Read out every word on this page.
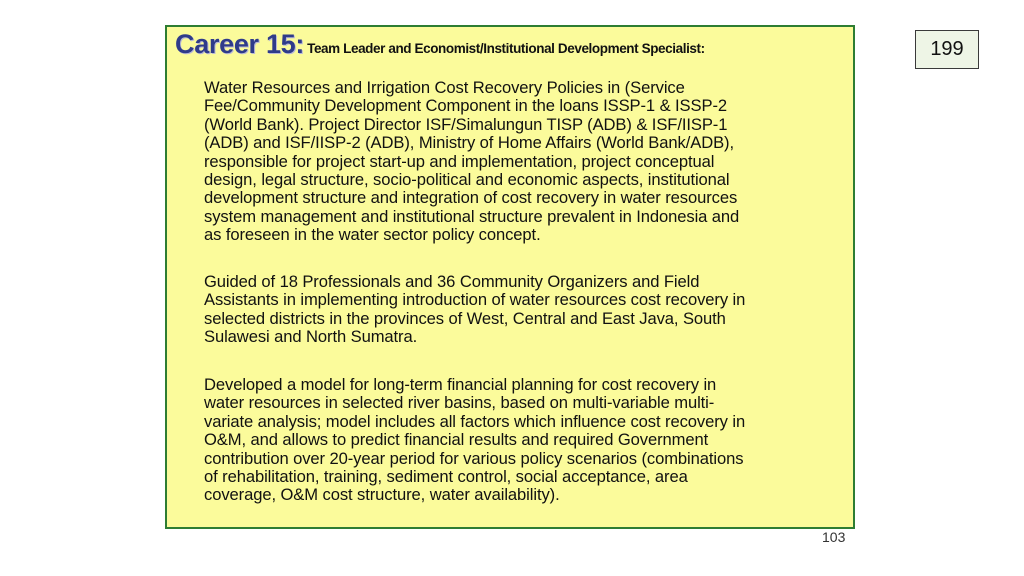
Career 15: Team Leader and Economist/Institutional Development Specialist:

Water Resources and Irrigation Cost Recovery Policies in (Service
Fee/Community Development Component in the loans ISSP-1 & ISSP-2
(World Bank). Project Director ISF/Simalungun TISP (ADB) & ISF/IISP-1
(ADB) and ISF/IISP-2 (ADB), Ministry of Home Affairs (World Bank/ADB),
responsible for project start-up and implementation, project conceptual
design, legal structure, socio-political and economic aspects, institutional
development structure and integration of cost recovery in water resources
system management and institutional structure prevalent in Indonesia and
as foreseen in the water sector policy concept.

Guided of 18 Professionals and 36 Community Organizers and Field
Assistants in implementing introduction of water resources cost recovery in
selected districts in the provinces of West, Central and East Java, South
Sulawesi and North Sumatra.

Developed a model for long-term financial planning for cost recovery in
water resources in selected river basins, based on multi-variable multi-
variate analysis; model includes all factors which influence cost recovery in
O&M, and allows to predict financial results and required Government
contribution over 20-year period for various policy scenarios (combinations
of rehabilitation, training, sediment control, social acceptance, area
coverage, O&M cost structure, water availability).

199
103
